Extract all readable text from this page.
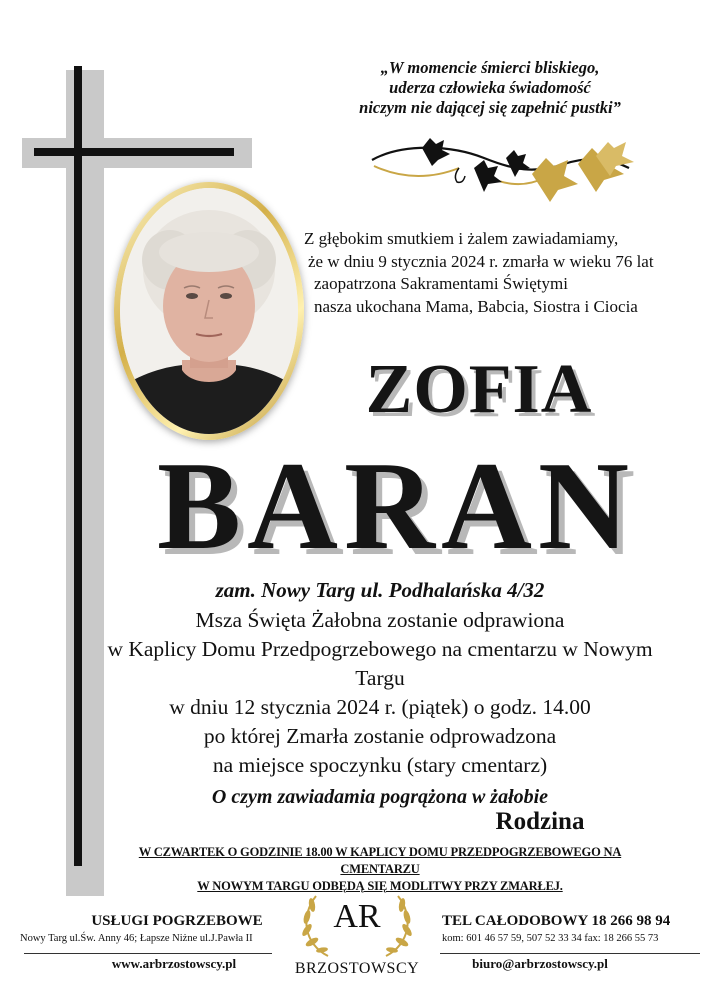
„W momencie śmierci bliskiego,
uderza człowieka świadomość
niczym nie dającej się zapełnić pustki”
Z głębokim smutkiem i żalem zawiadamiamy,
że w dniu 9 stycznia 2024 r. zmarła w wieku 76 lat
zaopatrzona Sakramentami Świętymi
nasza ukochana Mama, Babcia, Siostra i Ciocia
ZOFIA
BARAN
zam. Nowy Targ ul. Podhalańska 4/32
Msza Święta Żałobna zostanie odprawiona
w Kaplicy Domu Przedpogrzebowego na cmentarzu w Nowym Targu
w dniu 12 stycznia 2024 r. (piątek) o godz. 14.00
po której Zmarła zostanie odprowadzona
na miejsce spoczynku (stary cmentarz)
O czym zawiadamia pogrążona w żałobie
Rodzina
W CZWARTEK O GODZINIE 18.00 W KAPLICY DOMU PRZEDPOGRZEBOWEGO NA CMENTARZU
W NOWYM TARGU ODBĘDĄ SIĘ MODLITWY PRZY ZMARŁEJ.
USŁUGI POGRZEBOWE
Nowy Targ ul.Św. Anny 46; Łapsze Niżne ul.J.Pawła II
www.arbrzostowscy.pl
AR
BRZOSTOWSCY
TEL CAŁODOBOWY 18 266 98 94
kom: 601 46 57 59, 507 52 33 34 fax: 18 266 55 73
biuro@arbrzostowscy.pl
